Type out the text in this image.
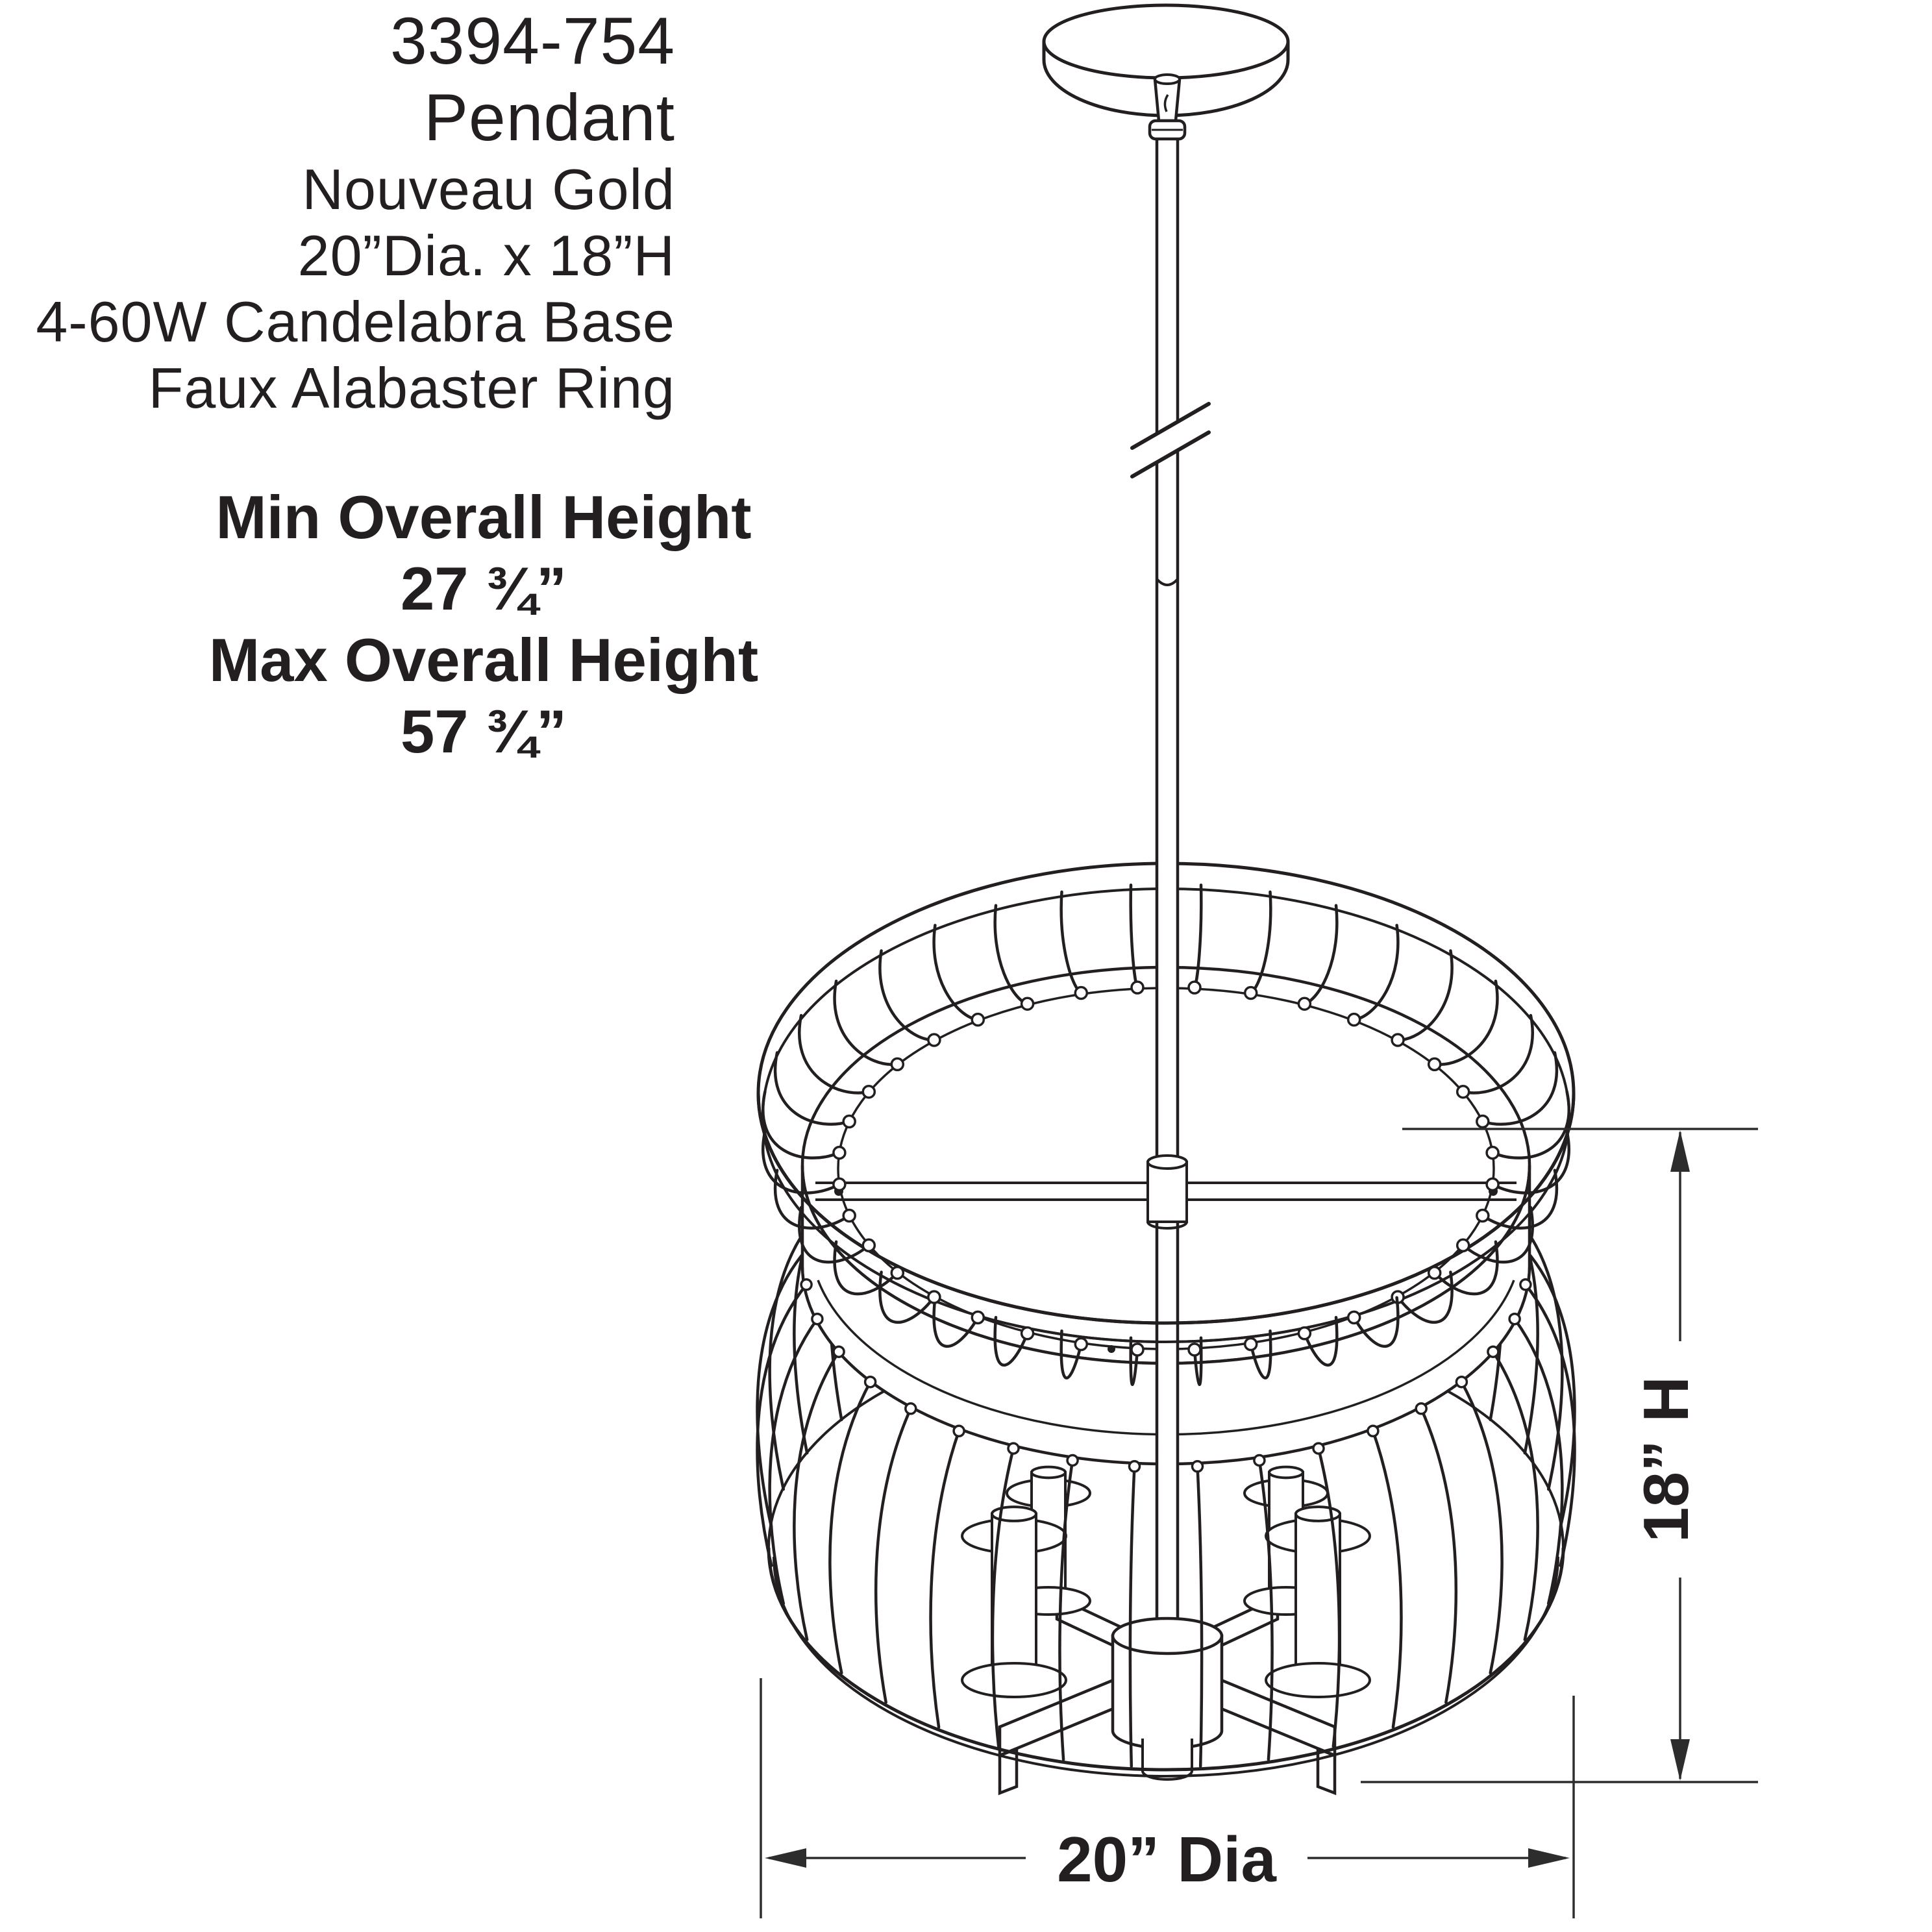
3394-754
Pendant
Nouveau Gold
20”Dia. x 18”H
4-60W Candelabra Base
Faux Alabaster Ring
Min Overall Height
27 ¾”
Max Overall Height
57 ¾”
18” H
20” Dia
